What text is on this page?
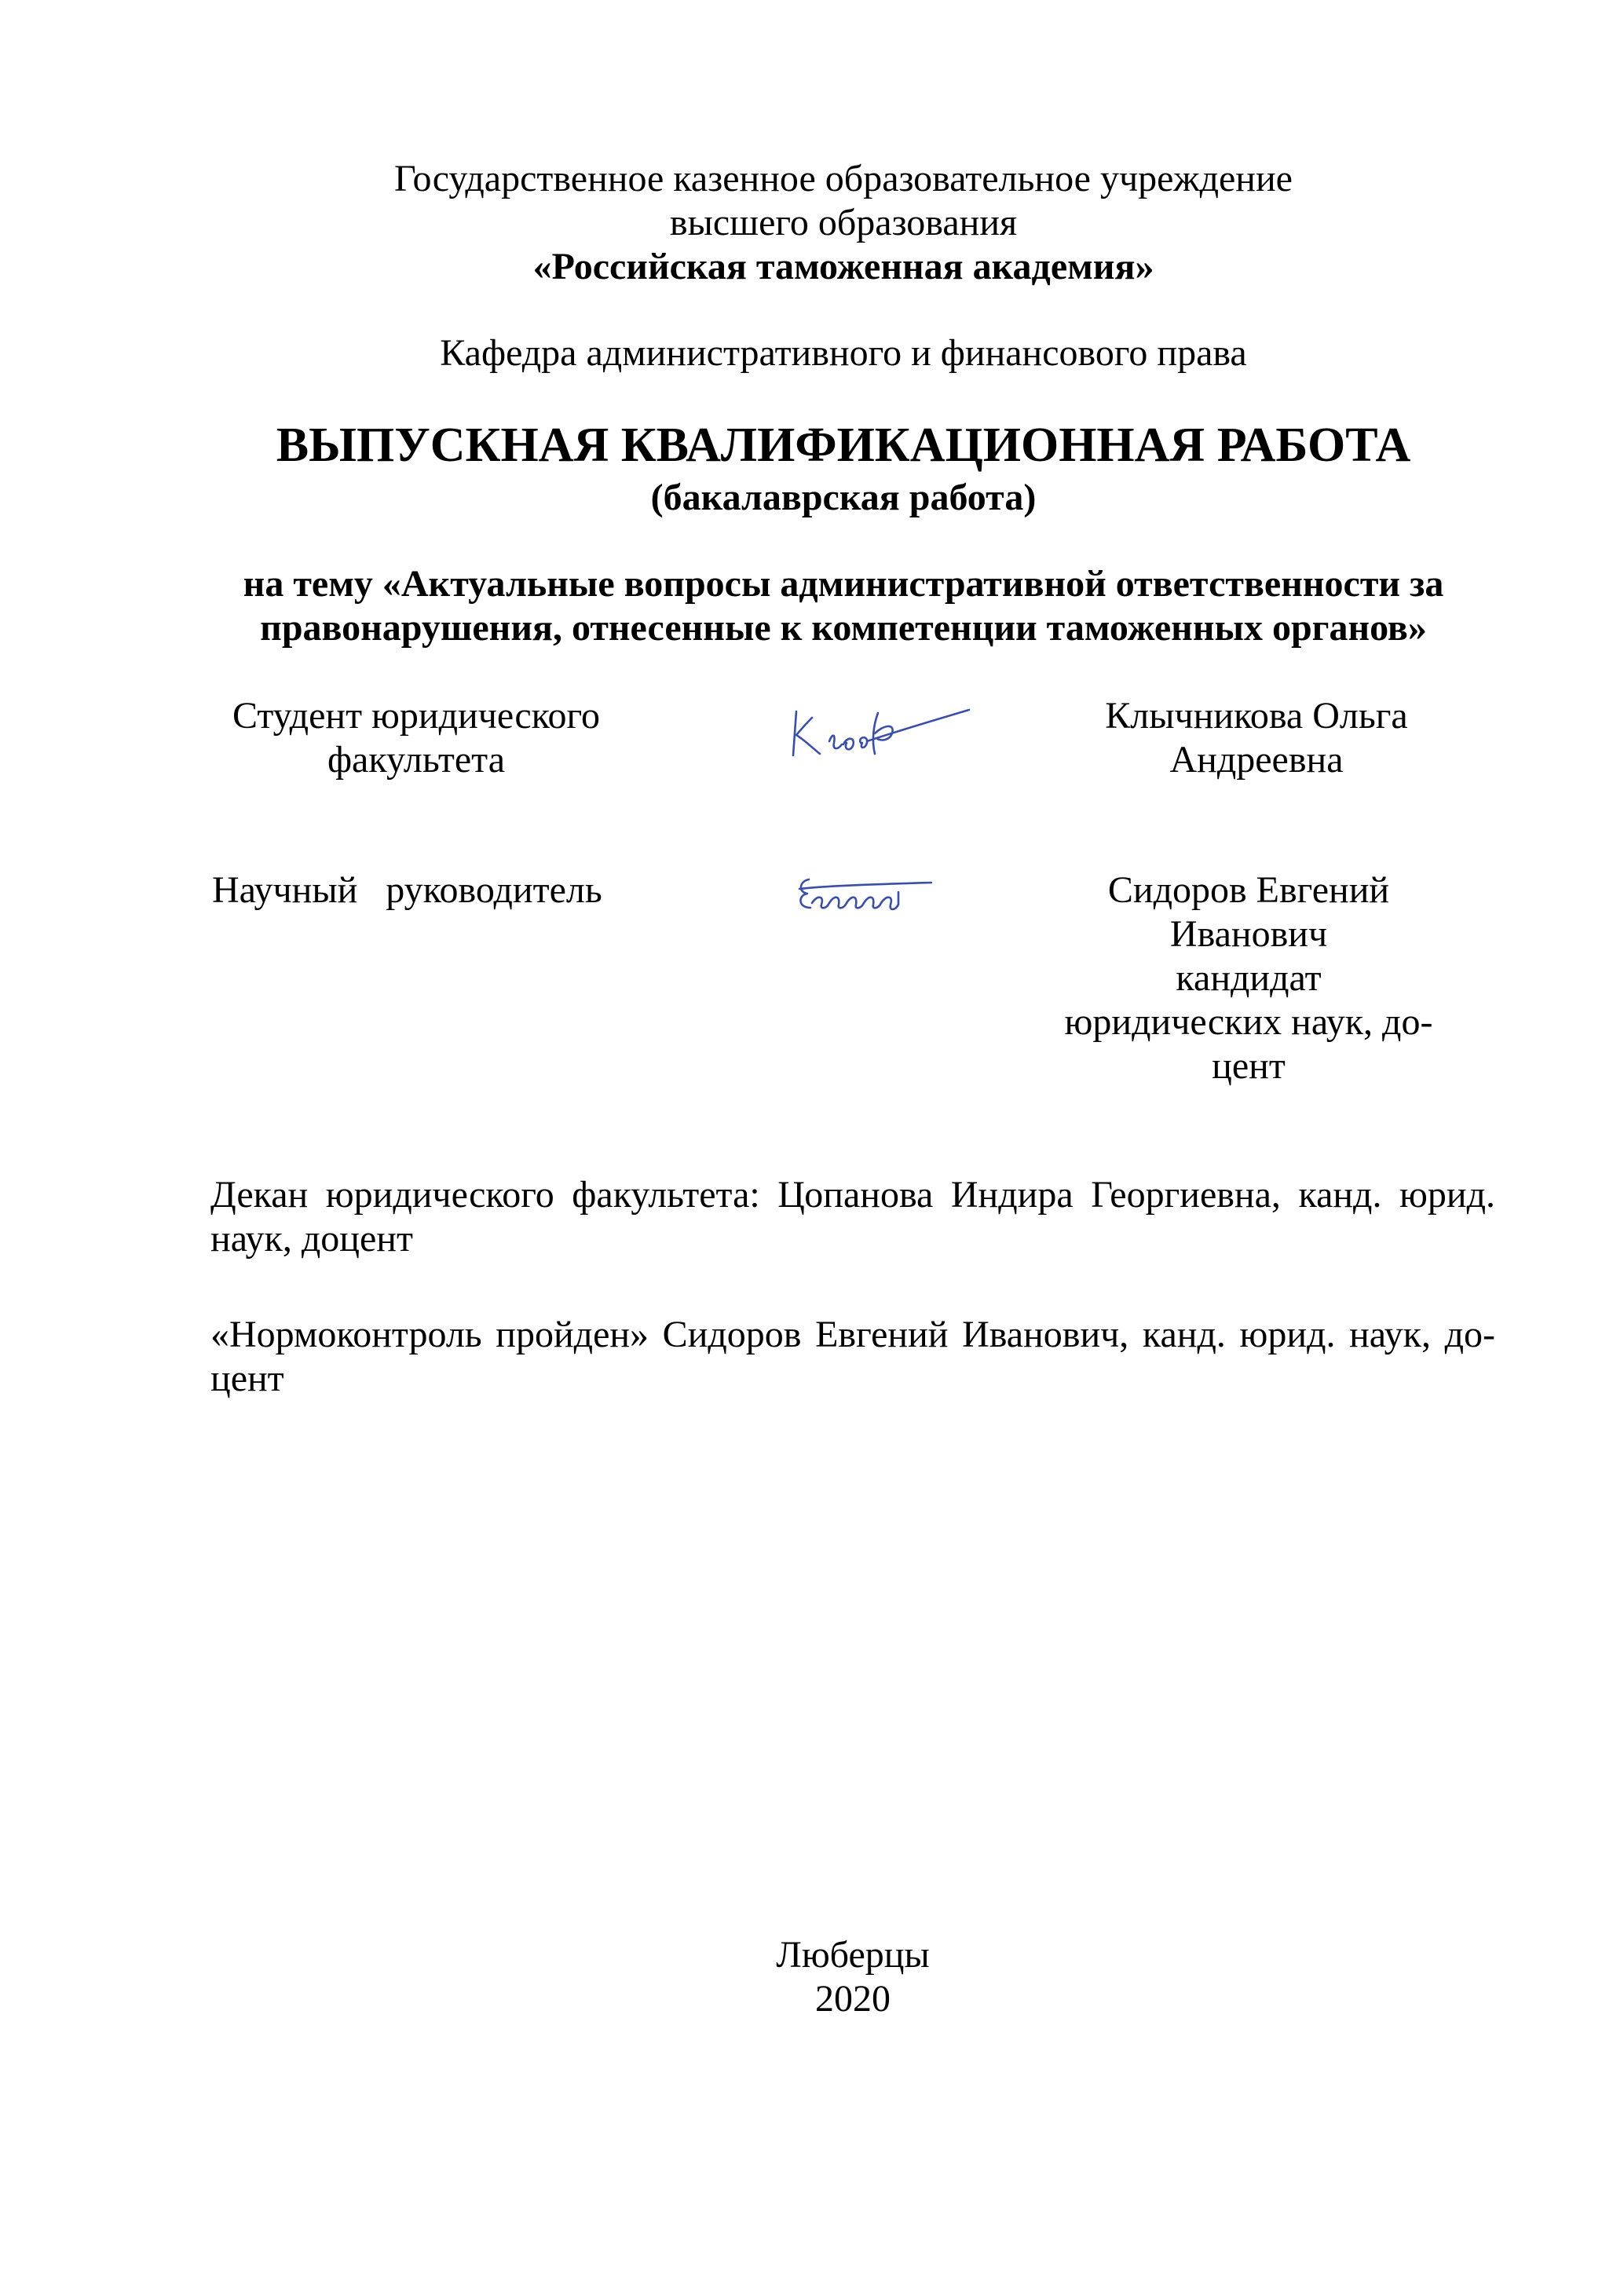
Государственное казенное образовательное учреждение
высшего образования
«Российская таможенная академия»
Кафедра административного и финансового права
ВЫПУСКНАЯ КВАЛИФИКАЦИОННАЯ РАБОТА
(бакалаврская работа)
на тему «Актуальные вопросы административной ответственности за
правонарушения, отнесенные к компетенции таможенных органов»
Студент юридического
факультета
Клычникова Ольга
Андреевна
Научный руководитель	Сидоров Евгений
Иванович
кандидат
юридических наук, до-
цент
Декан юридического факультета: Цопанова Индира Георгиевна, канд. юрид. наук, доцент
«Нормоконтроль пройден» Сидоров Евгений Иванович, канд. юрид. наук, до- цент
Люберцы
2020
